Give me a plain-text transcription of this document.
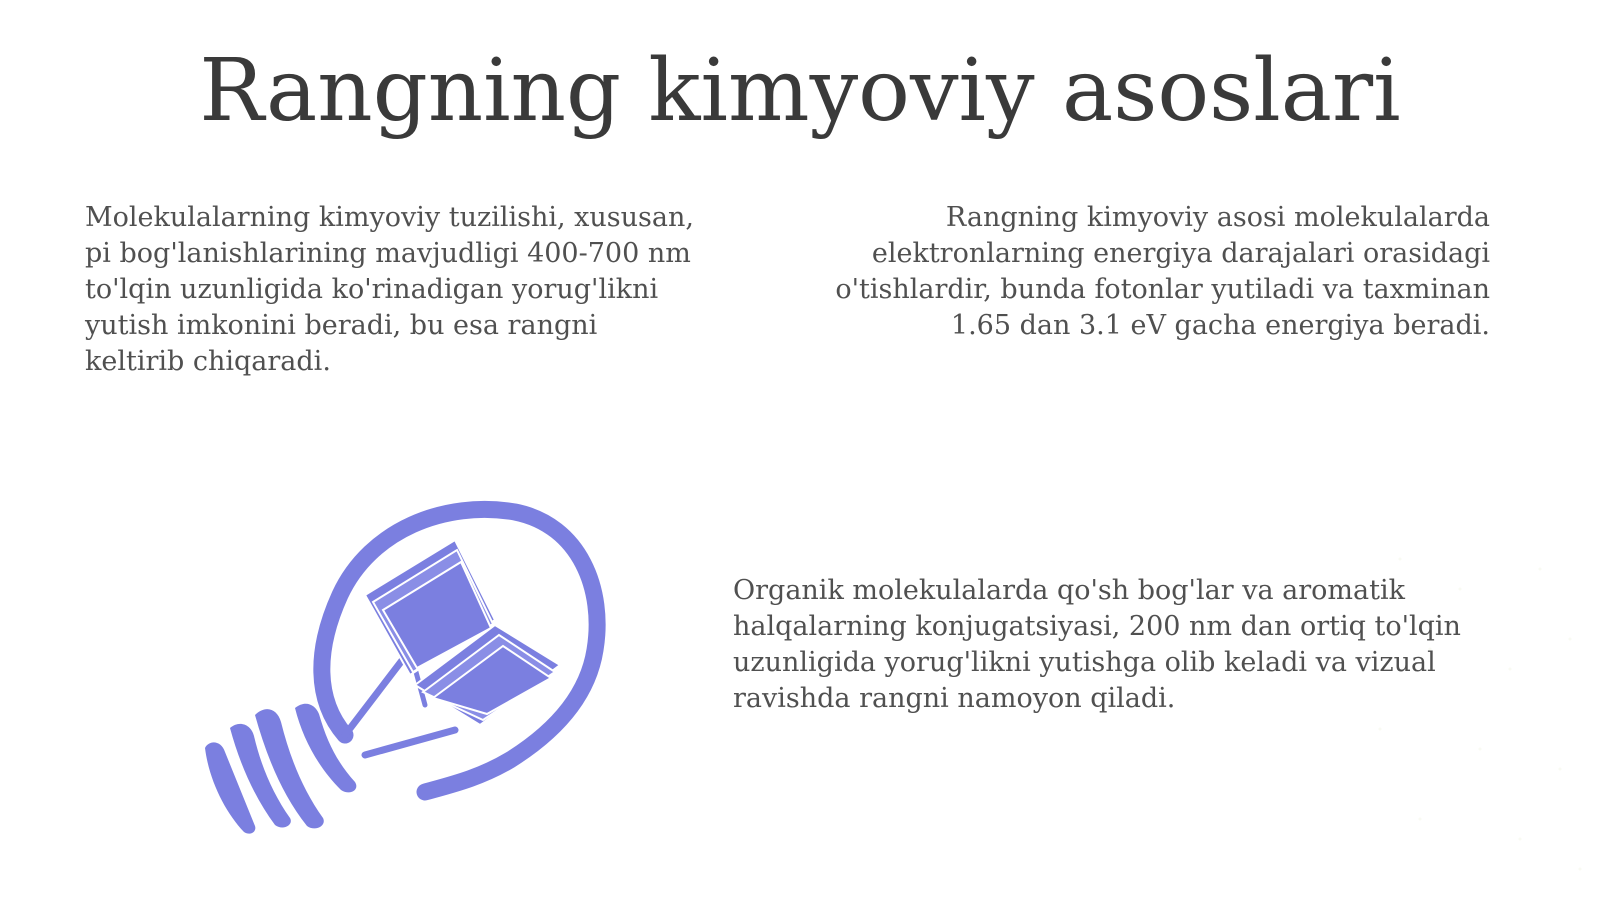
Rangning kimyoviy asoslari

Molekulalarning kimyoviy tuzilishi, xususan, pi bog'lanishlarining mavjudligi 400-700 nm to'lqin uzunligida ko'rinadigan yorug'likni yutish imkonini beradi, bu esa rangni keltirib chiqaradi.

Rangning kimyoviy asosi molekulalarda elektronlarning energiya darajalari orasidagi o'tishlardir, bunda fotonlar yutiladi va taxminan 1.65 dan 3.1 eV gacha energiya beradi.

Organik molekulalarda qo'sh bog'lar va aromatik halqalarning konjugatsiyasi, 200 nm dan ortiq to'lqin uzunligida yorug'likni yutishga olib keladi va vizual ravishda rangni namoyon qiladi.
